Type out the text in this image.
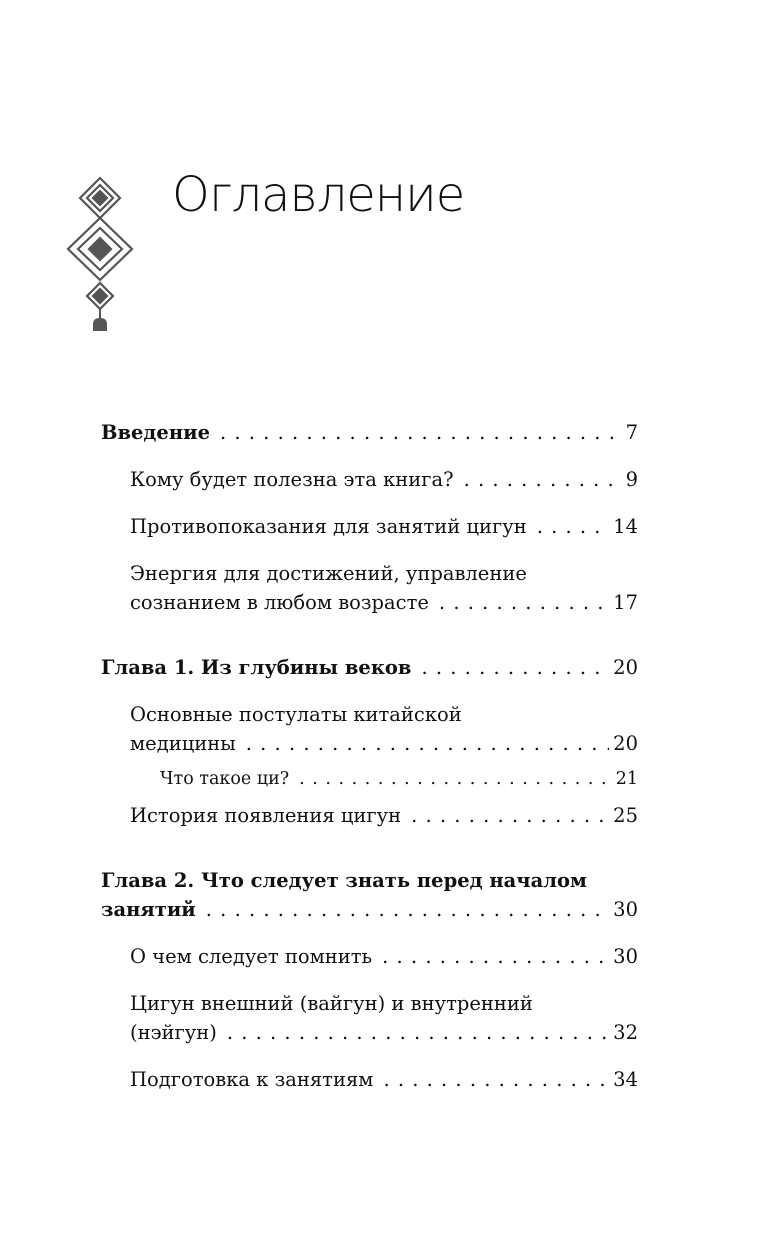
Оглавление
Введение . . .	7
Кому будет полезна эта книга? . . .	9
Противопоказания для занятий цигун . . .	14
Энергия для достижений, управление
сознанием в любом возрасте . . .	17
Глава 1. Из глубины веков . . .	20
Основные постулаты китайской
медицины . . .	20
Что такое ци? . . .	21
История появления цигун . . .	25
Глава 2. Что следует знать перед началом
занятий . . .	30
О чем следует помнить . . .	30
Цигун внешний (вайгун) и внутренний
(нэйгун) . . .	32
Подготовка к занятиям . . .	34
